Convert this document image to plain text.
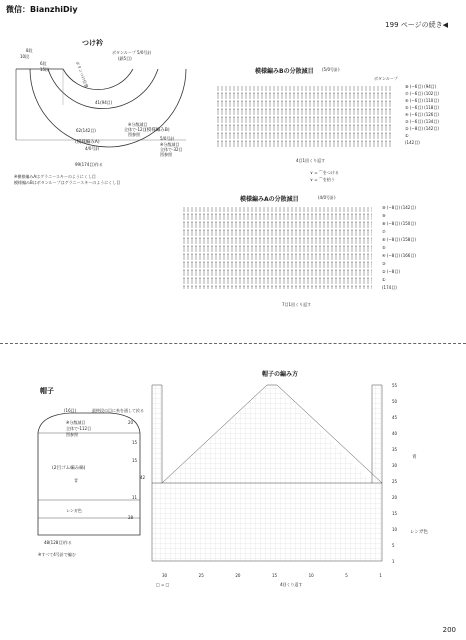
微信：BianzhiDiy
199 ページの続き◀
つけ衿
8段
10段
6段
15段
ボタンループ 5/0号針
(鎖5目)
41(94目)
62(142目)
ボタンつけ位置
※分散減目
全体で-12目
図参照
(模様編みB)
5/0号針
※分散減目
全体で-32目
図参照
(模様編みA)
4/0号針
99(174目)作る
※模様編みAはグラニースキーのようにくし目
模様編みBはボタンループはグラニースキーのようにくし目
模様編みBの分散減目 (5/0号針)
ボタンループ
⑧ (−6目) (94目)
⑦ (−6目) (102目)
⑥ (−6目) (110目)
⑤ (−6目) (118目)
④ (−6目) (126目)
③ (−6目) (134目)
② (−8目) (142目)
①
(142目)
4目1回くり返す
∨ = ⌒をつける
∨ = ⌒を拾う
模様編みAの分散減目	(4/0号針)
⑩ (−8目) (142目)
⑨
⑧ (−8目) (150目)
⑦
⑥ (−8目) (158目)
⑤
④ (−8目) (166目)
③
② (−8目)
①
(174目)
7目1回くり返す
帽子
(16目)	最終段の目に糸を通して絞る
※分散減目
全体で-112目
図参照
(2目ゴム編み縞)
青
レンガ色
48(128目)作る
※すべて4号針で編む
20
15
15
42
11
28
帽子の編み方
55
50
45
40
35
30
25
20
15
10
5
1
青
レンガ色
30	25	20	15	10	5	1
□ = □	4回くり返す
200
